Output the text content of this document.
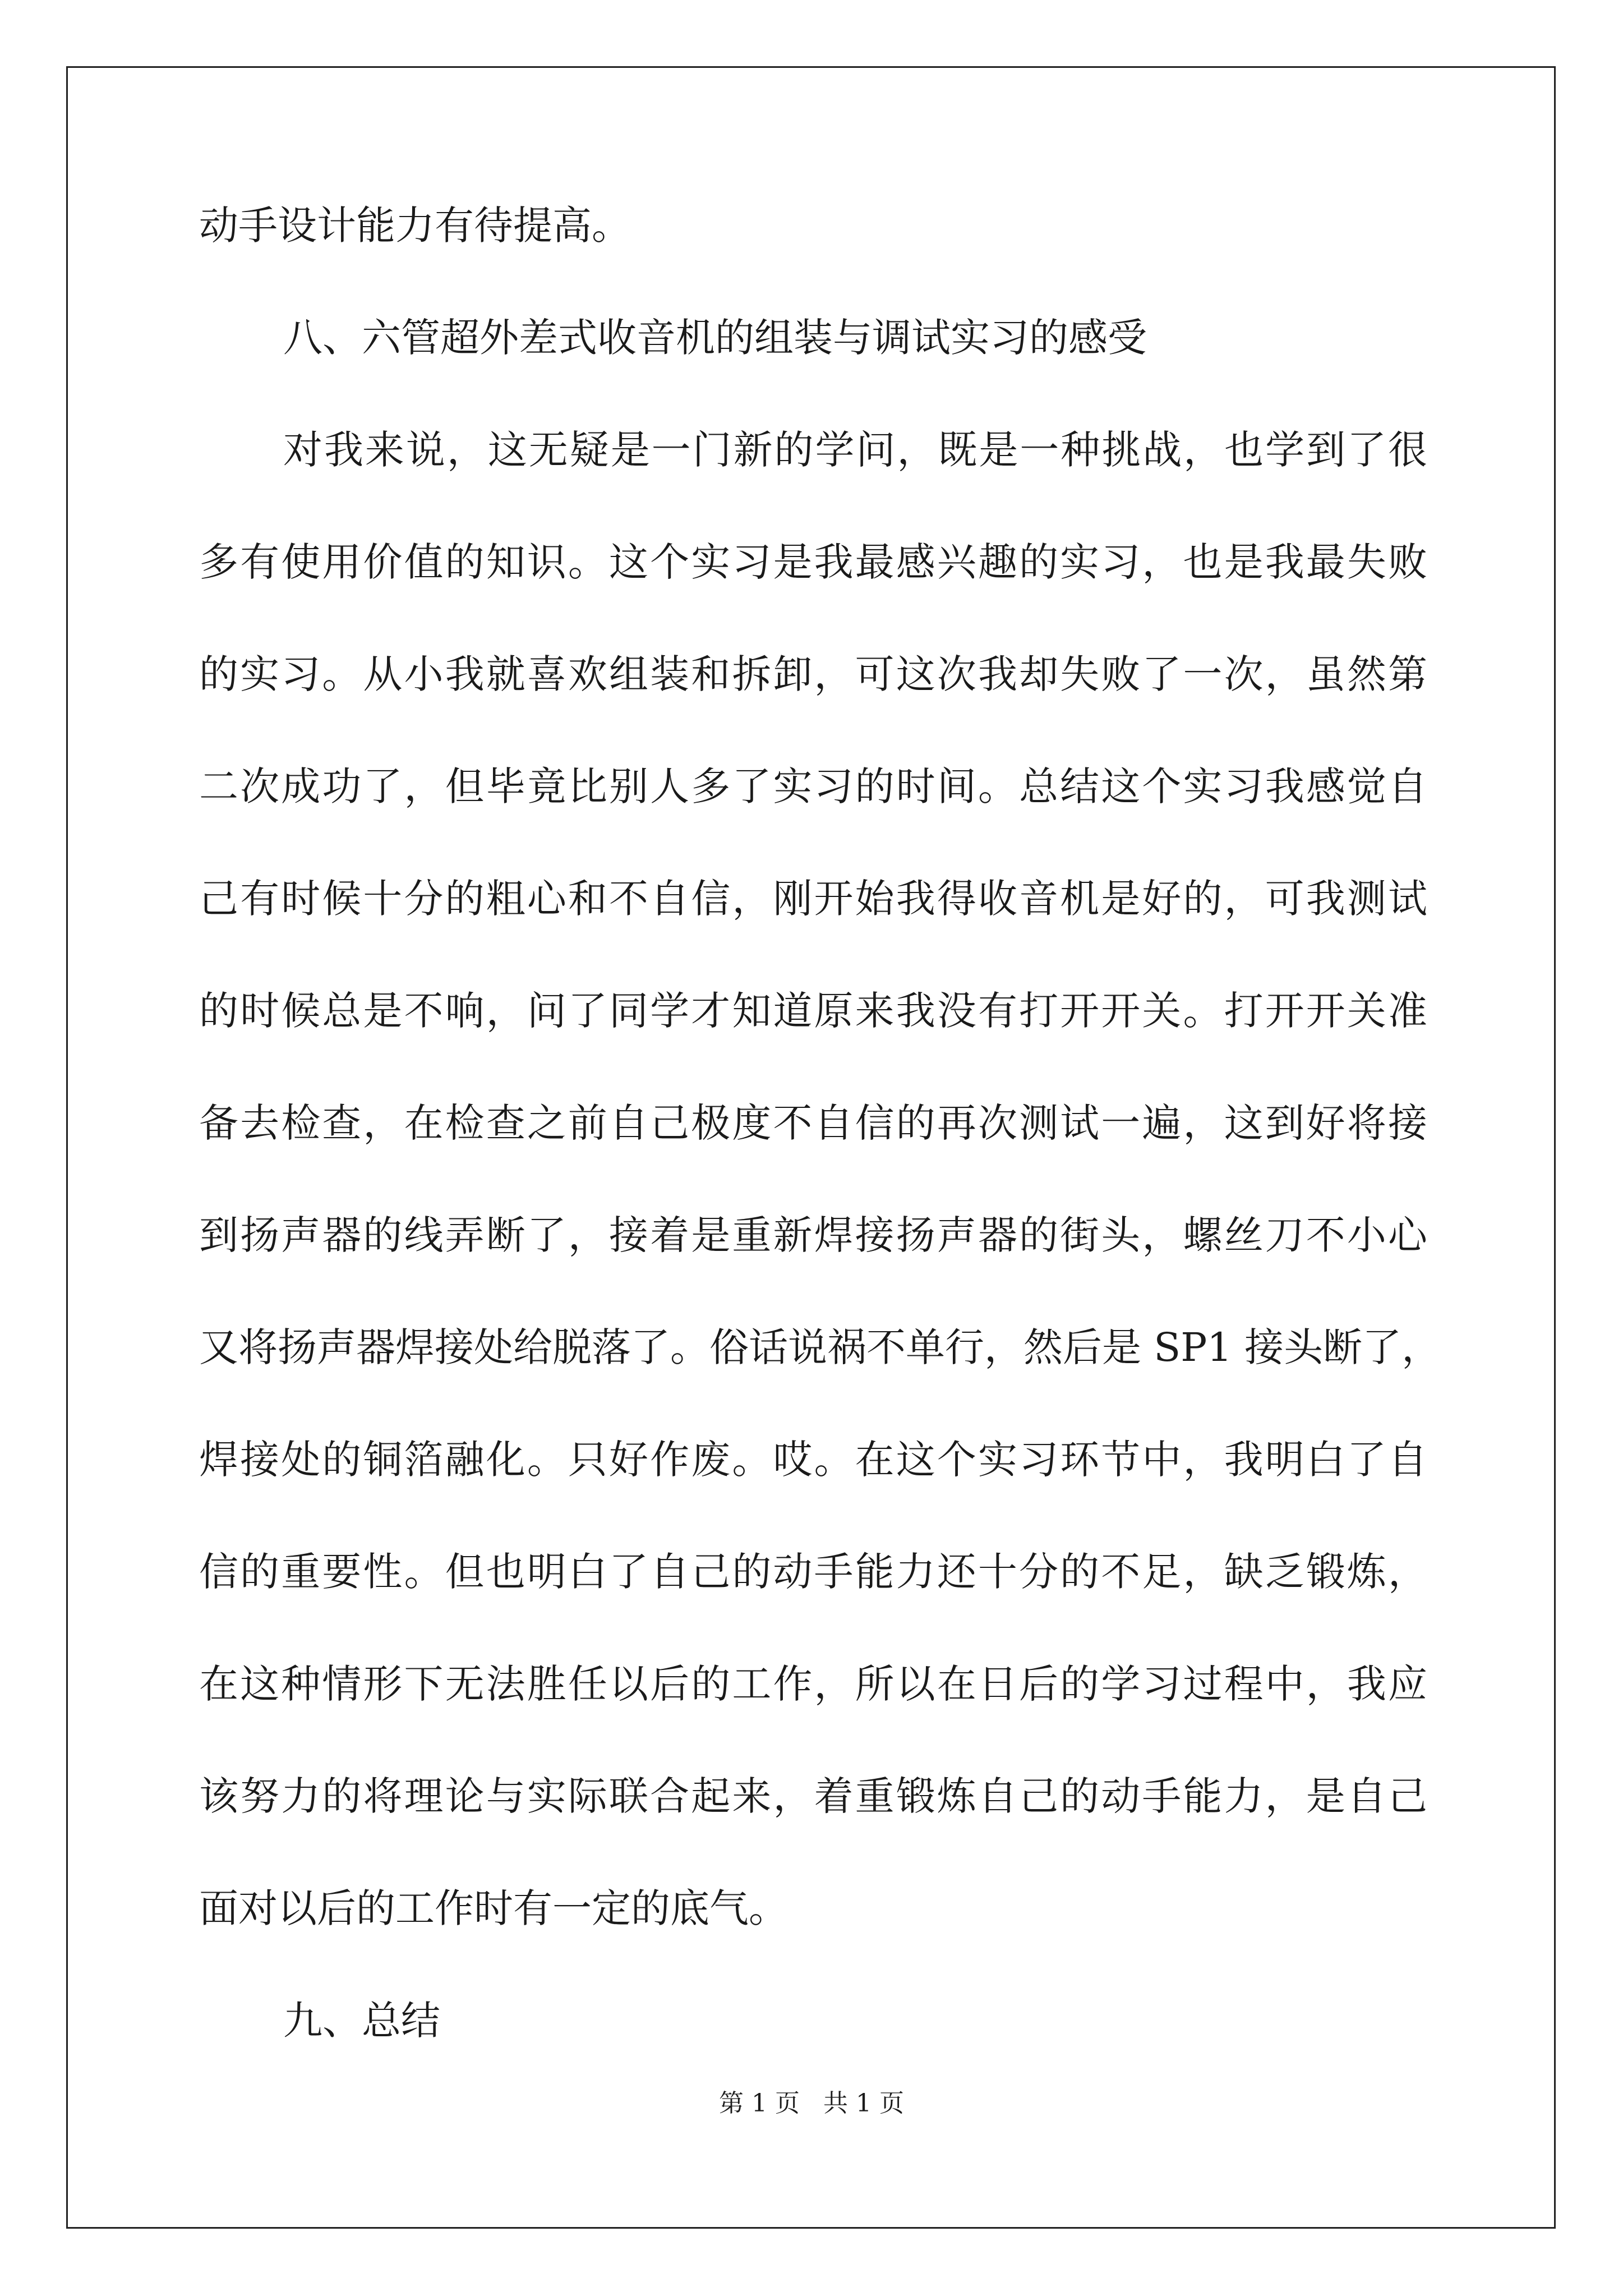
动手设计能力有待提高。
八、六管超外差式收音机的组装与调试实习的感受
对我来说，这无疑是一门新的学问，既是一种挑战，也学到了很
多有使用价值的知识。这个实习是我最感兴趣的实习，也是我最失败
的实习。从小我就喜欢组装和拆卸，可这次我却失败了一次，虽然第
二次成功了，但毕竟比别人多了实习的时间。总结这个实习我感觉自
己有时候十分的粗心和不自信，刚开始我得收音机是好的，可我测试
的时候总是不响，问了同学才知道原来我没有打开开关。打开开关准
备去检查，在检查之前自己极度不自信的再次测试一遍，这到好将接
到扬声器的线弄断了，接着是重新焊接扬声器的街头，螺丝刀不小心
又将扬声器焊接处给脱落了。俗话说祸不单行，然后是 SP1 接头断了，
焊接处的铜箔融化。只好作废。哎。在这个实习环节中，我明白了自
信的重要性。但也明白了自己的动手能力还十分的不足，缺乏锻炼，
在这种情形下无法胜任以后的工作，所以在日后的学习过程中，我应
该努力的将理论与实际联合起来，着重锻炼自己的动手能力，是自己
面对以后的工作时有一定的底气。
九、总结
第 1 页 共 1 页
